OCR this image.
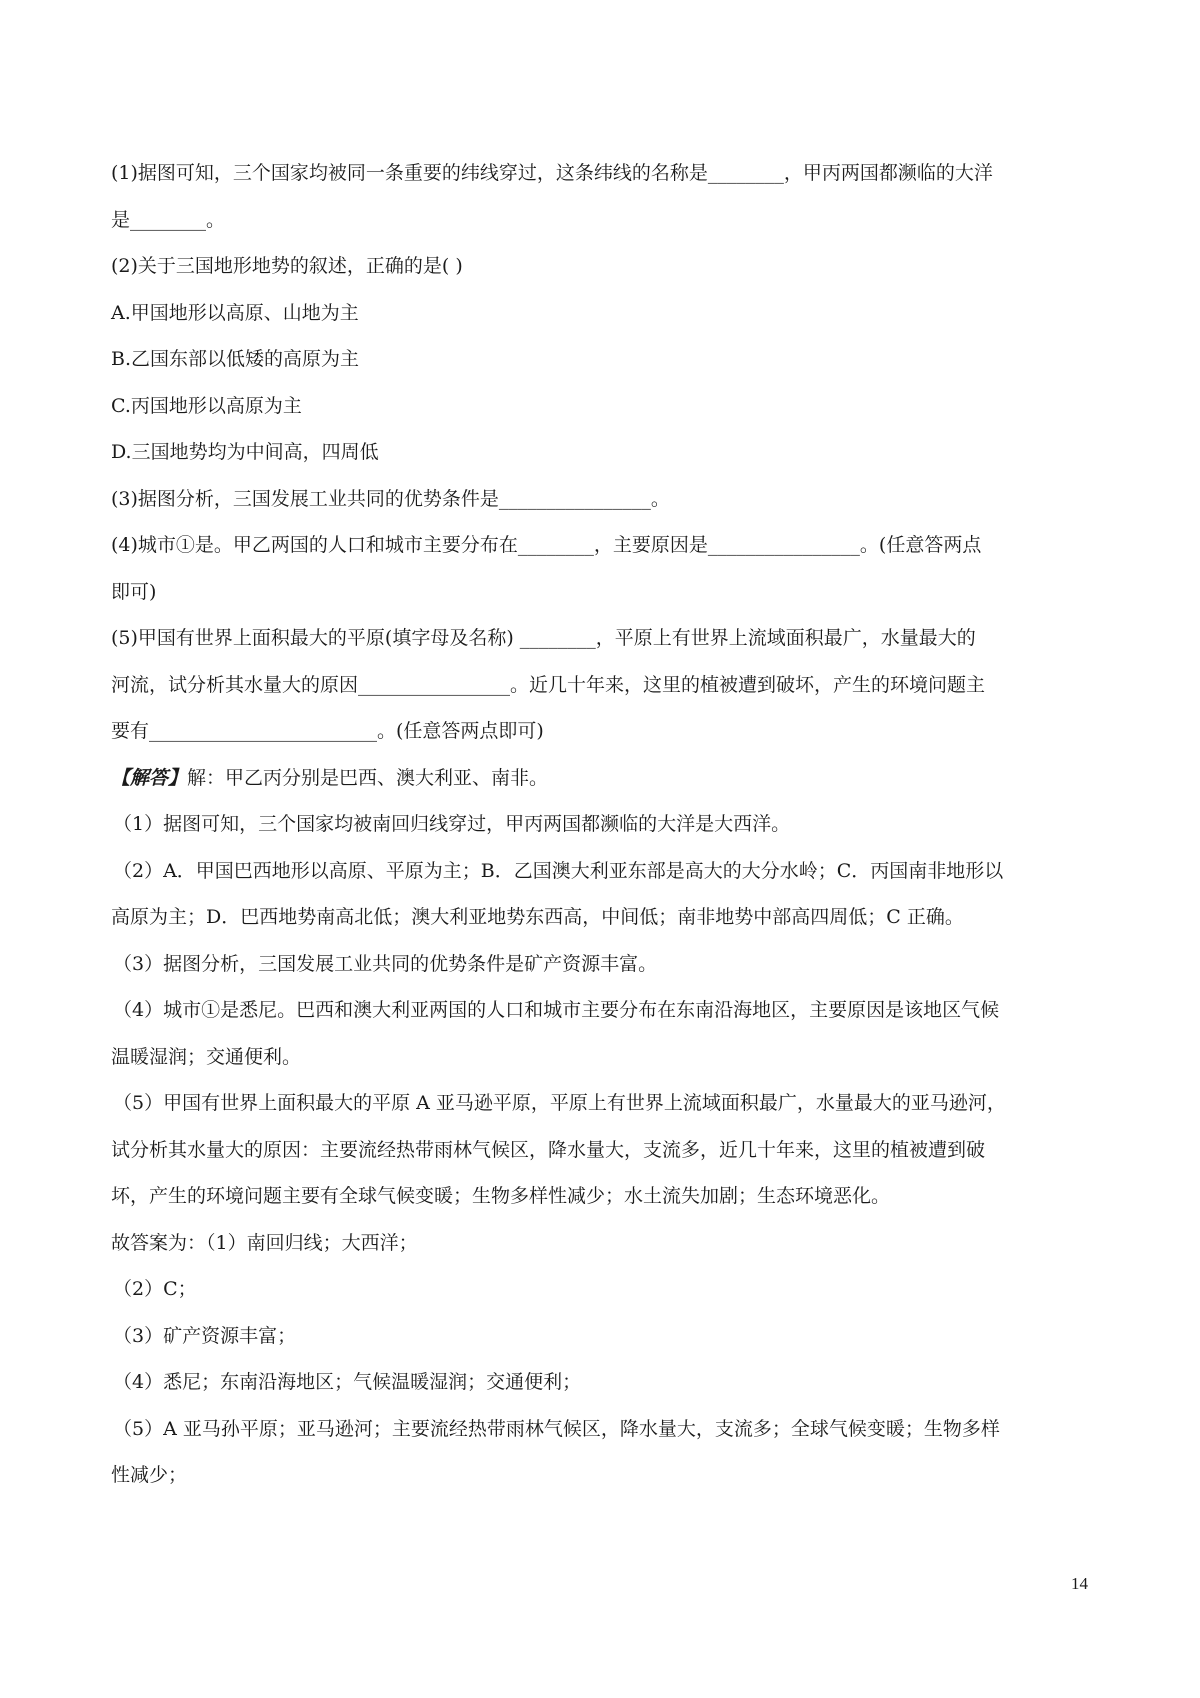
(1)据图可知，三个国家均被同一条重要的纬线穿过，这条纬线的名称是________，甲丙两国都濒临的大洋
是________。
(2)关于三国地形地势的叙述，正确的是( )
A.甲国地形以高原、山地为主
B.乙国东部以低矮的高原为主
C.丙国地形以高原为主
D.三国地势均为中间高，四周低
(3)据图分析，三国发展工业共同的优势条件是________________。
(4)城市①是。甲乙两国的人口和城市主要分布在________，主要原因是________________。(任意答两点
即可)
(5)甲国有世界上面积最大的平原(填字母及名称) ________，平原上有世界上流域面积最广，水量最大的
河流，试分析其水量大的原因________________。近几十年来，这里的植被遭到破坏，产生的环境问题主
要有________________________。(任意答两点即可)
【解答】解：甲乙丙分别是巴西、澳大利亚、南非。
（1）据图可知，三个国家均被南回归线穿过，甲丙两国都濒临的大洋是大西洋。
（2）A．甲国巴西地形以高原、平原为主；B．乙国澳大利亚东部是高大的大分水岭；C．丙国南非地形以
高原为主；D．巴西地势南高北低；澳大利亚地势东西高，中间低；南非地势中部高四周低；C 正确。
（3）据图分析，三国发展工业共同的优势条件是矿产资源丰富。
（4）城市①是悉尼。巴西和澳大利亚两国的人口和城市主要分布在东南沿海地区，主要原因是该地区气候
温暖湿润；交通便利。
（5）甲国有世界上面积最大的平原 A 亚马逊平原，平原上有世界上流域面积最广，水量最大的亚马逊河，
试分析其水量大的原因：主要流经热带雨林气候区，降水量大，支流多，近几十年来，这里的植被遭到破
坏，产生的环境问题主要有全球气候变暖；生物多样性减少；水土流失加剧；生态环境恶化。
故答案为：（1）南回归线；大西洋；
（2）C；
（3）矿产资源丰富；
（4）悉尼；东南沿海地区；气候温暖湿润；交通便利；
（5）A 亚马孙平原；亚马逊河；主要流经热带雨林气候区，降水量大，支流多；全球气候变暖；生物多样
性减少；
14
